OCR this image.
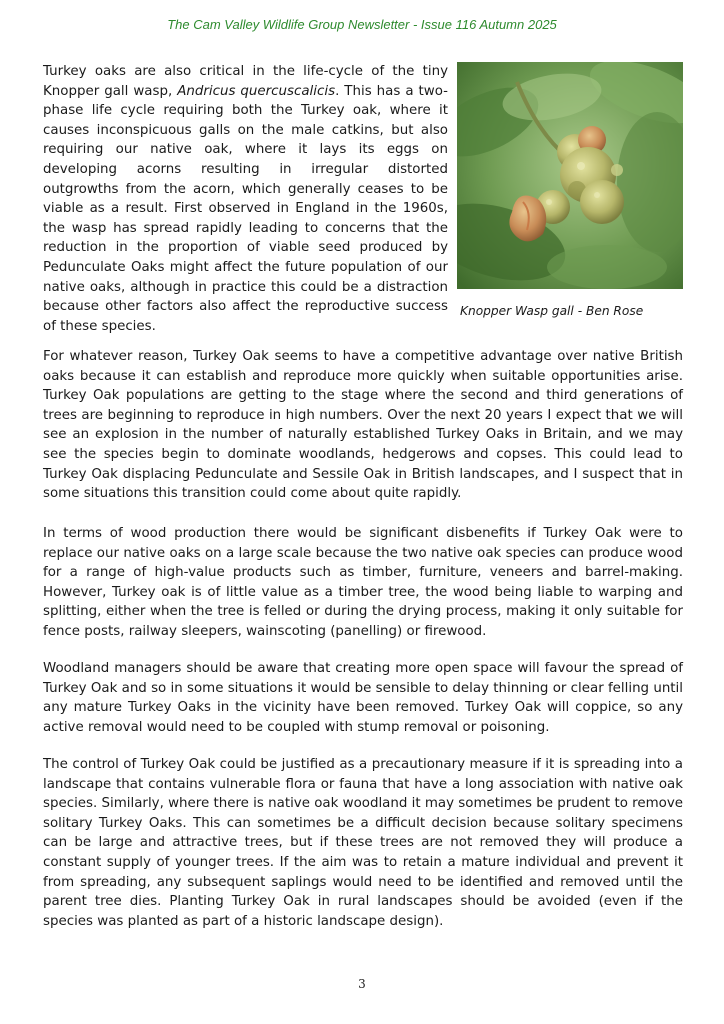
The Cam Valley Wildlife Group Newsletter - Issue 116 Autumn 2025
Turkey oaks are also critical in the life-cycle of the tiny Knopper gall wasp, Andricus quercuscalicis. This has a two-phase life cycle requiring both the Turkey oak, where it causes inconspicuous galls on the male catkins, but also requiring our native oak, where it lays its eggs on developing acorns resulting in irregular distorted outgrowths from the acorn, which generally ceases to be viable as a result. First observed in England in the 1960s, the wasp has spread rapidly leading to concerns that the reduction in the proportion of viable seed produced by Pedunculate Oaks might affect the future population of our native oaks, although in practice this could be a distraction because other factors also affect the reproductive success of these species.
Knopper Wasp gall - Ben Rose

For whatever reason, Turkey Oak seems to have a competitive advantage over native British oaks because it can establish and reproduce more quickly when suitable opportunities arise. Turkey Oak populations are getting to the stage where the second and third generations of trees are beginning to reproduce in high numbers. Over the next 20 years I expect that we will see an explosion in the number of naturally established Turkey Oaks in Britain, and we may see the species begin to dominate woodlands, hedgerows and copses. This could lead to Turkey Oak displacing Pedunculate and Sessile Oak in British landscapes, and I suspect that in some situations this transition could come about quite rapidly.

In terms of wood production there would be significant disbenefits if Turkey Oak were to replace our native oaks on a large scale because the two native oak species can produce wood for a range of high-value products such as timber, furniture, veneers and barrel-making. However, Turkey oak is of little value as a timber tree, the wood being liable to warping and splitting, either when the tree is felled or during the drying process, making it only suitable for fence posts, railway sleepers, wainscoting (panelling) or firewood.

Woodland managers should be aware that creating more open space will favour the spread of Turkey Oak and so in some situations it would be sensible to delay thinning or clear felling until any mature Turkey Oaks in the vicinity have been removed. Turkey Oak will coppice, so any active removal would need to be coupled with stump removal or poisoning.

The control of Turkey Oak could be justified as a precautionary measure if it is spreading into a landscape that contains vulnerable flora or fauna that have a long association with native oak species. Similarly, where there is native oak woodland it may sometimes be prudent to remove solitary Turkey Oaks. This can sometimes be a difficult decision because solitary specimens can be large and attractive trees, but if these trees are not removed they will produce a constant supply of younger trees. If the aim was to retain a mature individual and prevent it from spreading, any subsequent saplings would need to be identified and removed until the parent tree dies. Planting Turkey Oak in rural landscapes should be avoided (even if the species was planted as part of a historic landscape design).

3
